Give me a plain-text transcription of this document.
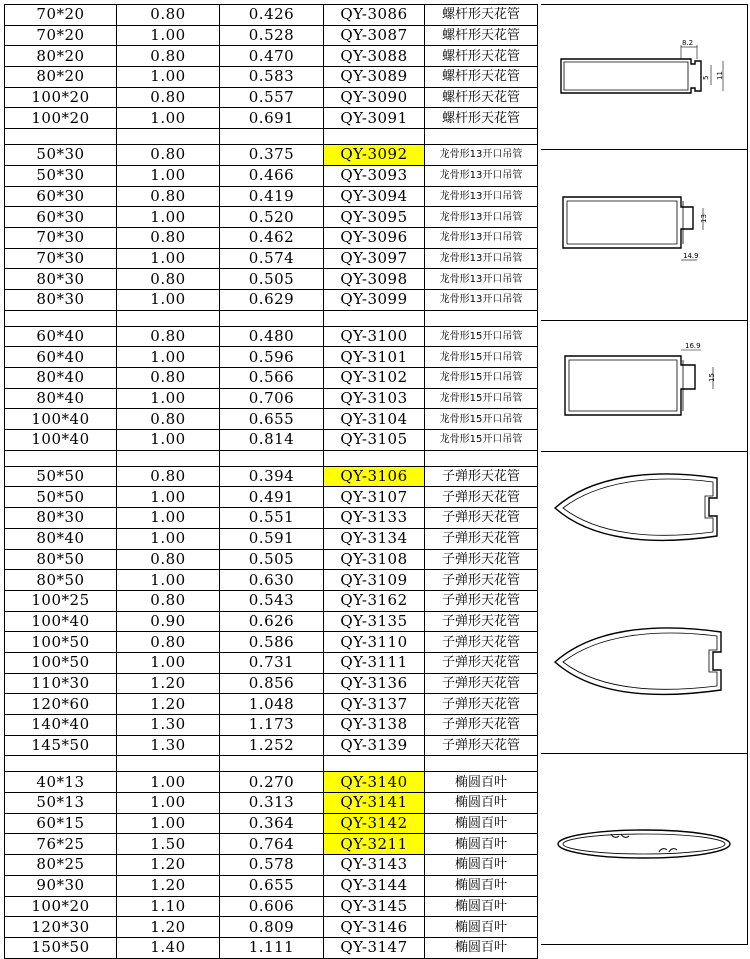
70*20	0.80	0.426	QY-3086	螺杆形天花管
70*20	1.00	0.528	QY-3087	螺杆形天花管
80*20	0.80	0.470	QY-3088	螺杆形天花管
80*20	1.00	0.583	QY-3089	螺杆形天花管
100*20	0.80	0.557	QY-3090	螺杆形天花管
100*20	1.00	0.691	QY-3091	螺杆形天花管

50*30	0.80	0.375	QY-3092	龙骨形13开口吊管
50*30	1.00	0.466	QY-3093	龙骨形13开口吊管
60*30	0.80	0.419	QY-3094	龙骨形13开口吊管
60*30	1.00	0.520	QY-3095	龙骨形13开口吊管
70*30	0.80	0.462	QY-3096	龙骨形13开口吊管
70*30	1.00	0.574	QY-3097	龙骨形13开口吊管
80*30	0.80	0.505	QY-3098	龙骨形13开口吊管
80*30	1.00	0.629	QY-3099	龙骨形13开口吊管

60*40	0.80	0.480	QY-3100	龙骨形15开口吊管
60*40	1.00	0.596	QY-3101	龙骨形15开口吊管
80*40	0.80	0.566	QY-3102	龙骨形15开口吊管
80*40	1.00	0.706	QY-3103	龙骨形15开口吊管
100*40	0.80	0.655	QY-3104	龙骨形15开口吊管
100*40	1.00	0.814	QY-3105	龙骨形15开口吊管

50*50	0.80	0.394	QY-3106	子弹形天花管
50*50	1.00	0.491	QY-3107	子弹形天花管
80*30	1.00	0.551	QY-3133	子弹形天花管
80*40	1.00	0.591	QY-3134	子弹形天花管
80*50	0.80	0.505	QY-3108	子弹形天花管
80*50	1.00	0.630	QY-3109	子弹形天花管
100*25	0.80	0.543	QY-3162	子弹形天花管
100*40	0.90	0.626	QY-3135	子弹形天花管
100*50	0.80	0.586	QY-3110	子弹形天花管
100*50	1.00	0.731	QY-3111	子弹形天花管
110*30	1.20	0.856	QY-3136	子弹形天花管
120*60	1.20	1.048	QY-3137	子弹形天花管
140*40	1.30	1.173	QY-3138	子弹形天花管
145*50	1.30	1.252	QY-3139	子弹形天花管

40*13	1.00	0.270	QY-3140	椭圆百叶
50*13	1.00	0.313	QY-3141	椭圆百叶
60*15	1.00	0.364	QY-3142	椭圆百叶
76*25	1.50	0.764	QY-3211	椭圆百叶
80*25	1.20	0.578	QY-3143	椭圆百叶
90*30	1.20	0.655	QY-3144	椭圆百叶
100*20	1.10	0.606	QY-3145	椭圆百叶
120*30	1.20	0.809	QY-3146	椭圆百叶
150*50	1.40	1.111	QY-3147	椭圆百叶
8.2
5 11
13
14.9
16.9
15
